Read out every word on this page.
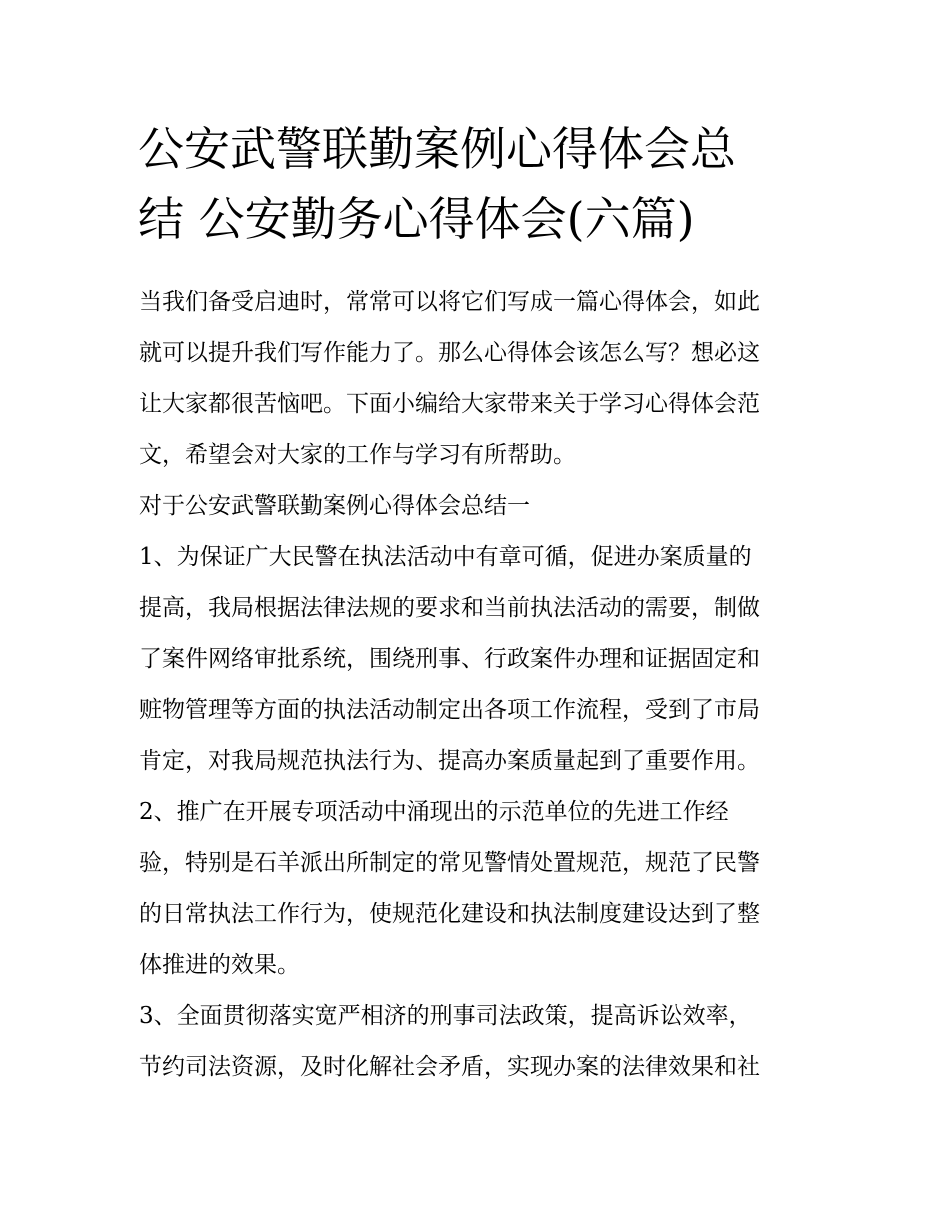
公安武警联勤案例心得体会总
结 公安勤务心得体会(六篇)
当我们备受启迪时，常常可以将它们写成一篇心得体会，如此
就可以提升我们写作能力了。那么心得体会该怎么写？想必这
让大家都很苦恼吧。下面小编给大家带来关于学习心得体会范
文，希望会对大家的工作与学习有所帮助。
对于公安武警联勤案例心得体会总结一
1、为保证广大民警在执法活动中有章可循，促进办案质量的
提高，我局根据法律法规的要求和当前执法活动的需要，制做
了案件网络审批系统，围绕刑事、行政案件办理和证据固定和
赃物管理等方面的执法活动制定出各项工作流程，受到了市局
肯定，对我局规范执法行为、提高办案质量起到了重要作用。
2、推广在开展专项活动中涌现出的示范单位的先进工作经
验，特别是石羊派出所制定的常见警情处置规范，规范了民警
的日常执法工作行为，使规范化建设和执法制度建设达到了整
体推进的效果。
3、全面贯彻落实宽严相济的刑事司法政策，提高诉讼效率，
节约司法资源，及时化解社会矛盾，实现办案的法律效果和社
